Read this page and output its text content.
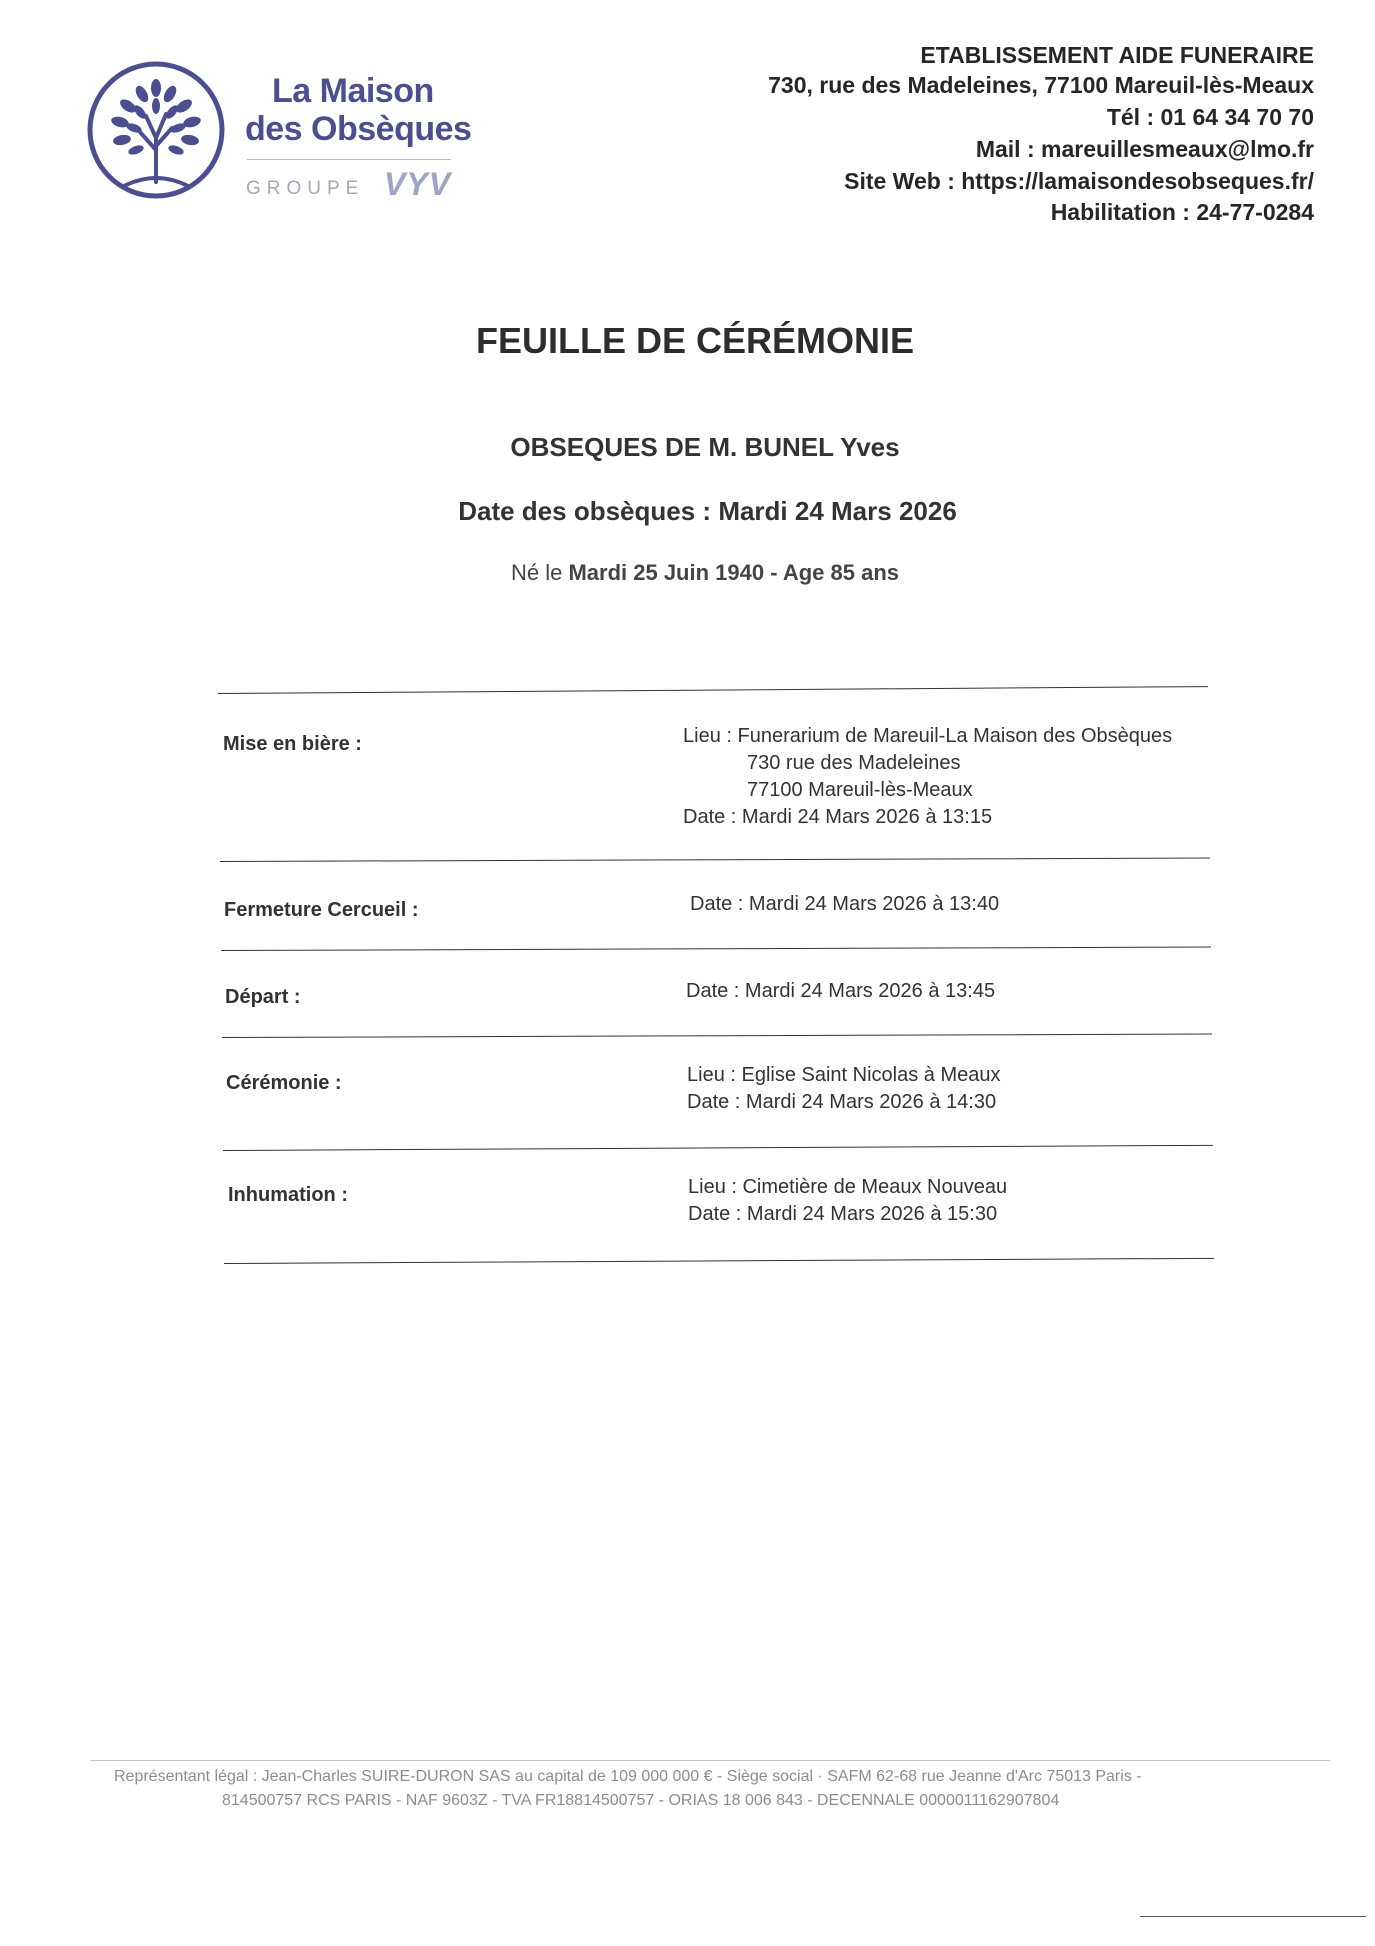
La Maison
des Obsèques
GROUPE VYV
ETABLISSEMENT AIDE FUNERAIRE
730, rue des Madeleines, 77100 Mareuil-lès-Meaux
Tél : 01 64 34 70 70
Mail : mareuillesmeaux@lmo.fr
Site Web : https://lamaisondesobseques.fr/
Habilitation : 24-77-0284
FEUILLE DE CÉRÉMONIE
OBSEQUES DE M. BUNEL Yves
Date des obsèques : Mardi 24 Mars 2026
Né le Mardi 25 Juin 1940 - Age 85 ans
Mise en bière :	Lieu : Funerarium de Mareuil-La Maison des Obsèques
730 rue des Madeleines
77100 Mareuil-lès-Meaux
Date : Mardi 24 Mars 2026 à 13:15
Fermeture Cercueil :	Date : Mardi 24 Mars 2026 à 13:40
Départ :	Date : Mardi 24 Mars 2026 à 13:45
Cérémonie :	Lieu : Eglise Saint Nicolas à Meaux
Date : Mardi 24 Mars 2026 à 14:30
Inhumation :	Lieu : Cimetière de Meaux Nouveau
Date : Mardi 24 Mars 2026 à 15:30
Représentant légal : Jean-Charles SUIRE-DURON SAS au capital de 109 000 000 € - Siège social · SAFM 62-68 rue Jeanne d'Arc 75013 Paris -
814500757 RCS PARIS - NAF 9603Z - TVA FR18814500757 - ORIAS 18 006 843 - DECENNALE 0000011162907804
